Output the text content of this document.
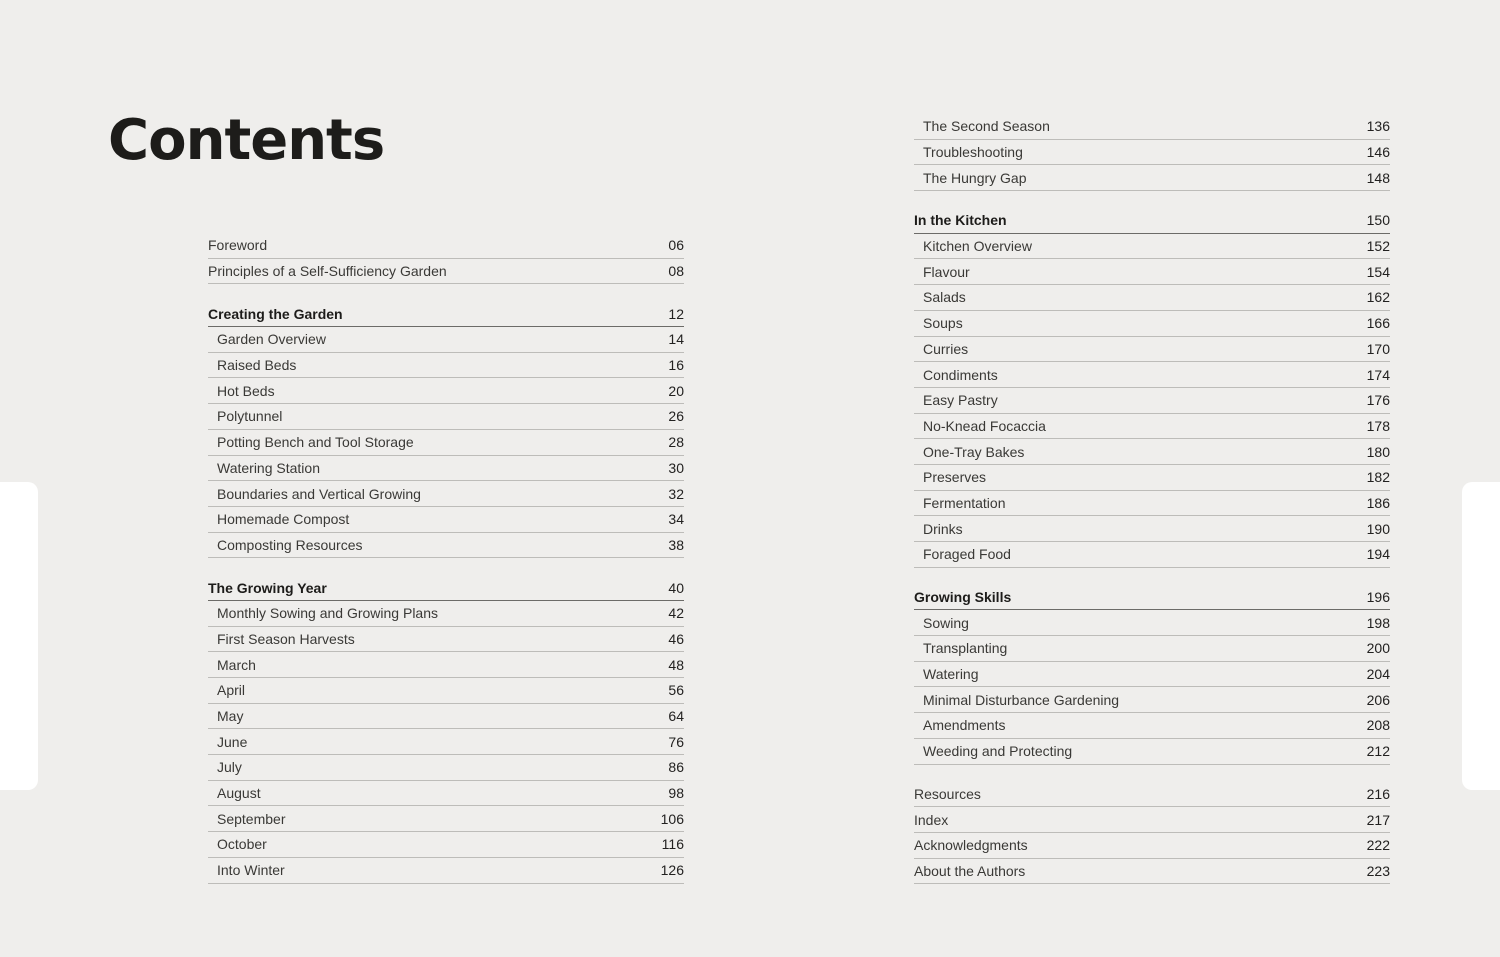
Contents
Foreword	06
Principles of a Self-Sufficiency Garden	08
Creating the Garden	12
Garden Overview	14
Raised Beds	16
Hot Beds	20
Polytunnel	26
Potting Bench and Tool Storage	28
Watering Station	30
Boundaries and Vertical Growing	32
Homemade Compost	34
Composting Resources	38
The Growing Year	40
Monthly Sowing and Growing Plans	42
First Season Harvests	46
March	48
April	56
May	64
June	76
July	86
August	98
September	106
October	116
Into Winter	126
The Second Season	136
Troubleshooting	146
The Hungry Gap	148
In the Kitchen	150
Kitchen Overview	152
Flavour	154
Salads	162
Soups	166
Curries	170
Condiments	174
Easy Pastry	176
No-Knead Focaccia	178
One-Tray Bakes	180
Preserves	182
Fermentation	186
Drinks	190
Foraged Food	194
Growing Skills	196
Sowing	198
Transplanting	200
Watering	204
Minimal Disturbance Gardening	206
Amendments	208
Weeding and Protecting	212
Resources	216
Index	217
Acknowledgments	222
About the Authors	223
